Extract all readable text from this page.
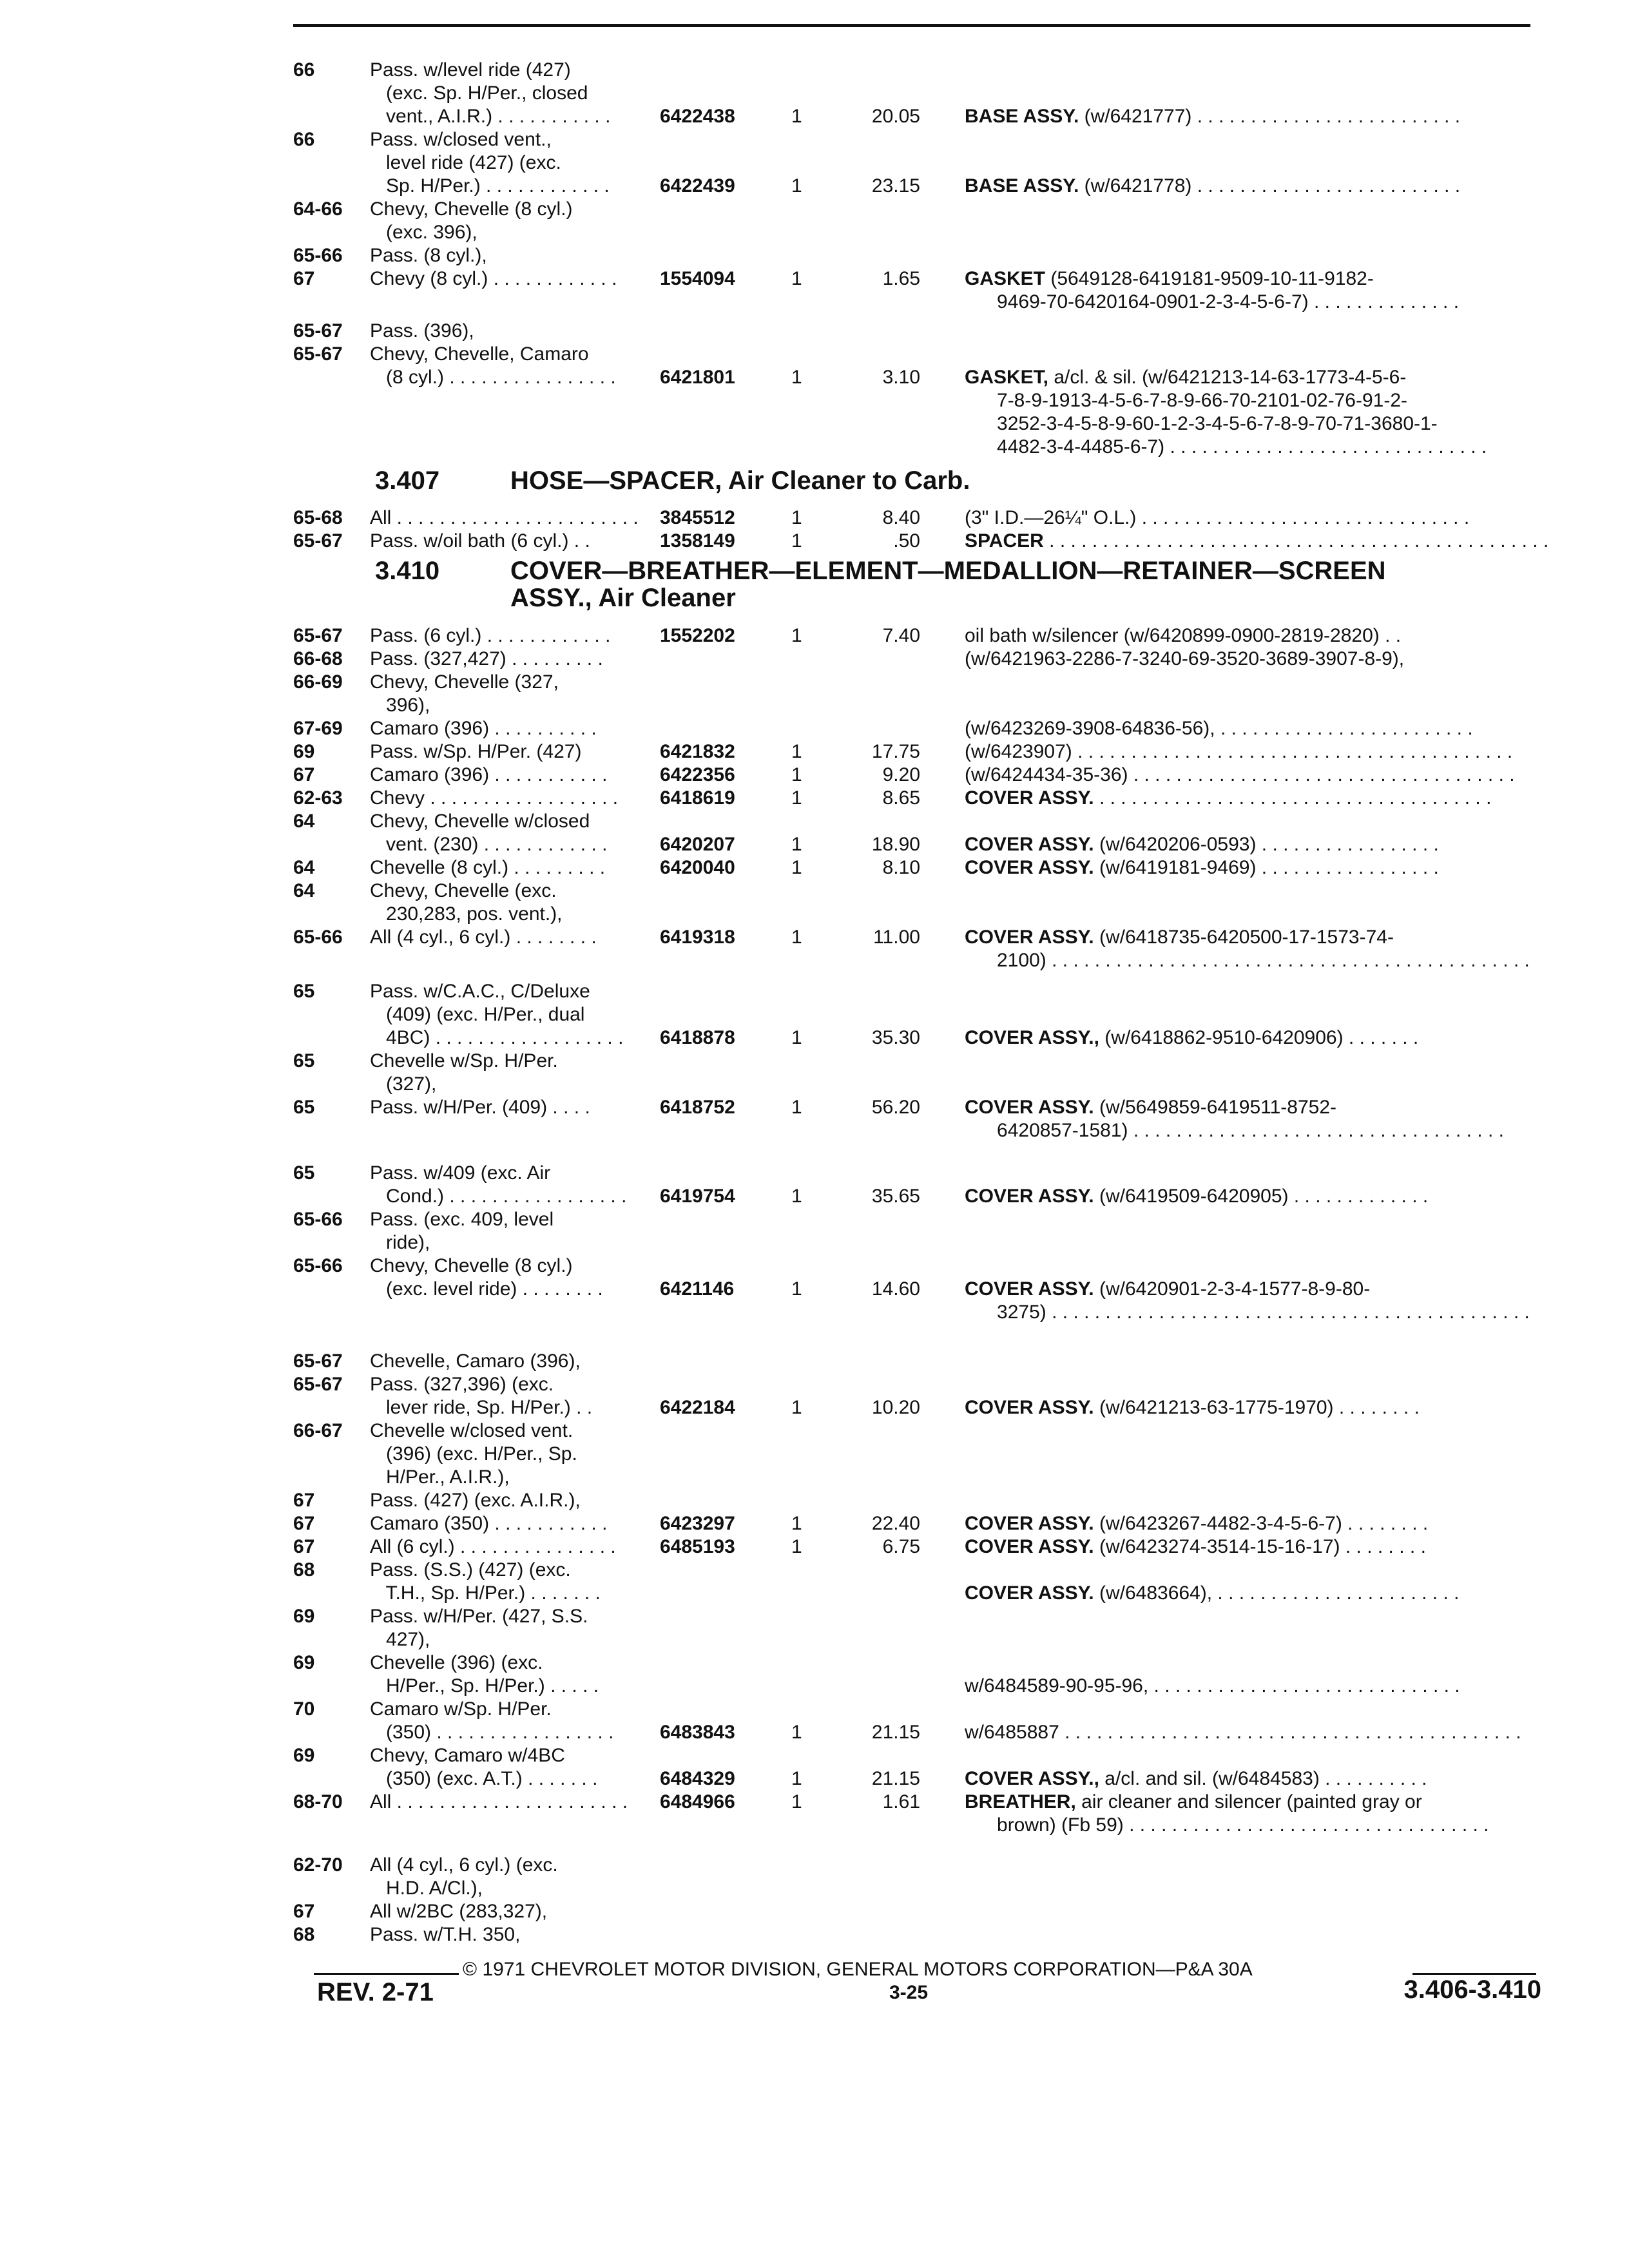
66	Pass. w/level ride (427)
(exc. Sp. H/Per., closed
vent., A.I.R.) . . . . . . . . . . .	6422438	1	20.05 BASE ASSY. (w/6421777) . . . . . . . . . . . . . . . . . . . . . . . . .
66	Pass. w/closed vent.,
level ride (427) (exc.
Sp. H/Per.) . . . . . . . . . . . .	6422439	1	23.15 BASE ASSY. (w/6421778) . . . . . . . . . . . . . . . . . . . . . . . . .
64-66 Chevy, Chevelle (8 cyl.)
(exc. 396),
65-66 Pass. (8 cyl.),
67	Chevy (8 cyl.) . . . . . . . . . . . . 1554094	1	1.65 GASKET (5649128-6419181-9509-10-11-9182-
9469-70-6420164-0901-2-3-4-5-6-7) . . . . . . . . . . . . . .
65-67 Pass. (396),
65-67 Chevy, Chevelle, Camaro
(8 cyl.) . . . . . . . . . . . . . . . . 6421801	1	3.10 GASKET, a/cl. & sil. (w/6421213-14-63-1773-4-5-6-
7-8-9-1913-4-5-6-7-8-9-66-70-2101-02-76-91-2-
3252-3-4-5-8-9-60-1-2-3-4-5-6-7-8-9-70-71-3680-1-
4482-3-4-4485-6-7) . . . . . . . . . . . . . . . . . . . . . . . . . . . . . .
65-68 All . . . . . . . . . . . . . . . . . . . . . . . 3845512	1	8.40 (3" I.D.—26¼" O.L.) . . . . . . . . . . . . . . . . . . . . . . . . . . . . . . .
65-67 Pass. w/oil bath (6 cyl.) . .	1358149	1	.50 SPACER . . . . . . . . . . . . . . . . . . . . . . . . . . . . . . . . . . . . . . . . . . . . . . .
65-67 Pass. (6 cyl.) . . . . . . . . . . . .	1552202	1	7.40 oil bath w/silencer (w/6420899-0900-2819-2820) . .
66-68 Pass. (327,427) . . . . . . . . .	(w/6421963-2286-7-3240-69-3520-3689-3907-8-9),
66-69 Chevy, Chevelle (327,
396),
67-69 Camaro (396) . . . . . . . . . .	(w/6423269-3908-64836-56), . . . . . . . . . . . . . . . . . . . . . . . .
69	Pass. w/Sp. H/Per. (427)	6421832	1	17.75 (w/6423907) . . . . . . . . . . . . . . . . . . . . . . . . . . . . . . . . . . . . . . . . .
67	Camaro (396) . . . . . . . . . . .	6422356	1	9.20 (w/6424434-35-36) . . . . . . . . . . . . . . . . . . . . . . . . . . . . . . . . . . . .
62-63 Chevy . . . . . . . . . . . . . . . . . . 6418619	1	8.65 COVER ASSY. . . . . . . . . . . . . . . . . . . . . . . . . . . . . . . . . . . . . .
64	Chevy, Chevelle w/closed
vent. (230) . . . . . . . . . . . .	6420207	1	18.90 COVER ASSY. (w/6420206-0593) . . . . . . . . . . . . . . . . .
64	Chevelle (8 cyl.) . . . . . . . . .	6420040	1	8.10 COVER ASSY. (w/6419181-9469) . . . . . . . . . . . . . . . . .
64	Chevy, Chevelle (exc.
230,283, pos. vent.),
65-66 All (4 cyl., 6 cyl.) . . . . . . . .	6419318	1	11.00 COVER ASSY. (w/6418735-6420500-17-1573-74-
2100) . . . . . . . . . . . . . . . . . . . . . . . . . . . . . . . . . . . . . . . . . . . . .
65	Pass. w/C.A.C., C/Deluxe
(409) (exc. H/Per., dual
4BC) . . . . . . . . . . . . . . . . . . 6418878	1	35.30 COVER ASSY., (w/6418862-9510-6420906) . . . . . . .
65	Chevelle w/Sp. H/Per.
(327),
65	Pass. w/H/Per. (409) . . . .	6418752	1	56.20 COVER ASSY. (w/5649859-6419511-8752-
6420857-1581) . . . . . . . . . . . . . . . . . . . . . . . . . . . . . . . . . . .
65	Pass. w/409 (exc. Air
Cond.) . . . . . . . . . . . . . . . . . 6419754	1	35.65 COVER ASSY. (w/6419509-6420905) . . . . . . . . . . . . .
65-66 Pass. (exc. 409, level
ride),
65-66 Chevy, Chevelle (8 cyl.)
(exc. level ride) . . . . . . . .	6421146	1	14.60 COVER ASSY. (w/6420901-2-3-4-1577-8-9-80-
3275) . . . . . . . . . . . . . . . . . . . . . . . . . . . . . . . . . . . . . . . . . . . . .
65-67 Chevelle, Camaro (396),
65-67 Pass. (327,396) (exc.
lever ride, Sp. H/Per.) . .	6422184	1	10.20 COVER ASSY. (w/6421213-63-1775-1970) . . . . . . . .
66-67 Chevelle w/closed vent.
(396) (exc. H/Per., Sp.
H/Per., A.I.R.),
67	Pass. (427) (exc. A.I.R.),
67	Camaro (350) . . . . . . . . . . .	6423297	1	22.40 COVER ASSY. (w/6423267-4482-3-4-5-6-7) . . . . . . . .
67	All (6 cyl.) . . . . . . . . . . . . . . . 6485193	1	6.75 COVER ASSY. (w/6423274-3514-15-16-17) . . . . . . . .
68	Pass. (S.S.) (427) (exc.
T.H., Sp. H/Per.) . . . . . . .	COVER ASSY. (w/6483664), . . . . . . . . . . . . . . . . . . . . . . .
69	Pass. w/H/Per. (427, S.S.
427),
69	Chevelle (396) (exc.
H/Per., Sp. H/Per.) . . . . .	w/6484589-90-95-96, . . . . . . . . . . . . . . . . . . . . . . . . . . . . .
70	Camaro w/Sp. H/Per.
(350) . . . . . . . . . . . . . . . . . 6483843	1	21.15 w/6485887 . . . . . . . . . . . . . . . . . . . . . . . . . . . . . . . . . . . . . . . . . . .
69	Chevy, Camaro w/4BC
(350) (exc. A.T.) . . . . . . .	6484329	1	21.15 COVER ASSY., a/cl. and sil. (w/6484583) . . . . . . . . . .
68-70 All . . . . . . . . . . . . . . . . . . . . . . 6484966	1	1.61 BREATHER, air cleaner and silencer (painted gray or
brown) (Fb 59) . . . . . . . . . . . . . . . . . . . . . . . . . . . . . . . . . .
62-70 All (4 cyl., 6 cyl.) (exc.
H.D. A/Cl.),
67	All w/2BC (283,327),
68	Pass. w/T.H. 350,
3.407	HOSE—SPACER, Air Cleaner to Carb.
3.410	COVER—BREATHER—ELEMENT—MEDALLION—RETAINER—SCREEN
ASSY., Air Cleaner
© 1971 CHEVROLET MOTOR DIVISION, GENERAL MOTORS CORPORATION—P&A 30A
REV. 2-71	3-25	3.406-3.410
